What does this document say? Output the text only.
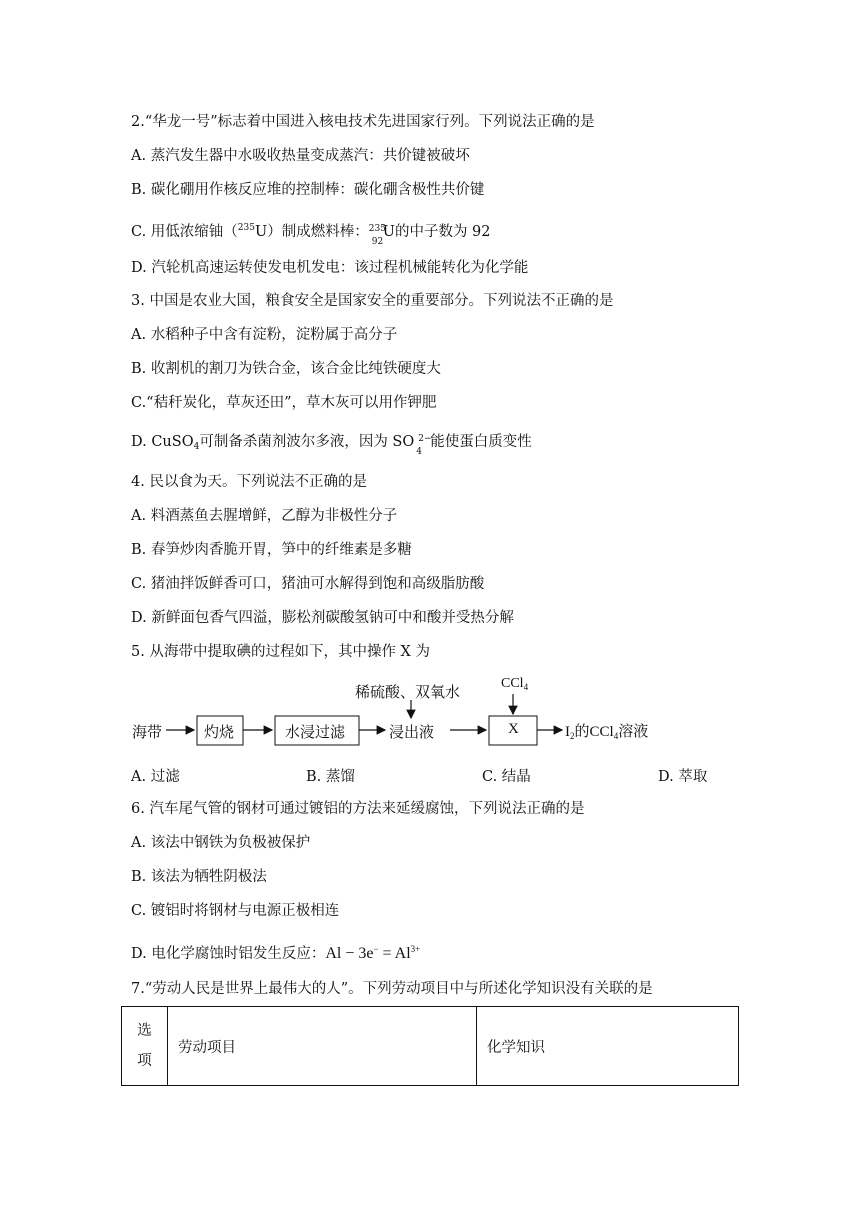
2.“华龙一号”标志着中国进入核电技术先进国家行列。下列说法正确的是
A. 蒸汽发生器中水吸收热量变成蒸汽：共价键被破坏
B. 碳化硼用作核反应堆的控制棒：碳化硼含极性共价键
C. 用低浓缩铀（$^{235}$U）制成燃料棒： 235
92
U的中子数为 92
D. 汽轮机高速运转使发电机发电：该过程机械能转化为化学能
3. 中国是农业大国，粮食安全是国家安全的重要部分。下列说法不正确的是
A. 水稻种子中含有淀粉，淀粉属于高分子
B. 收割机的割刀为铁合金，该合金比纯铁硬度大
C.“秸秆炭化，草灰还田”，草木灰可以用作钾肥
D. CuSO$_4$可制备杀菌剂波尔多液，因为 SO 2−
4
能使蛋白质变性
4. 民以食为天。下列说法不正确的是
A. 料酒蒸鱼去腥增鲜，乙醇为非极性分子
B. 春笋炒肉香脆开胃，笋中的纤维素是多糖
C. 猪油拌饭鲜香可口，猪油可水解得到饱和高级脂肪酸
D. 新鲜面包香气四溢，膨松剂碳酸氢钠可中和酸并受热分解
5. 从海带中提取碘的过程如下，其中操作 X 为
海带	灼烧	水浸过滤
稀硫酸、双氧水
浸出液
CCl$_4$
X	$I_2$的CCl$_4$溶液
A. 过滤	B. 蒸馏	C. 结晶	D. 萃取
6. 汽车尾气管的钢材可通过镀铝的方法来延缓腐蚀，下列说法正确的是
A. 该法中钢铁为负极被保护
B. 该法为牺牲阴极法
C. 镀铝时将钢材与电源正极相连
D. 电化学腐蚀时铝发生反应：$Al - 3e^- = Al^{3+}$
7.“劳动人民是世界上最伟大的人”。下列劳动项目中与所述化学知识没有关联的是
选
项
	劳动项目	化学知识
